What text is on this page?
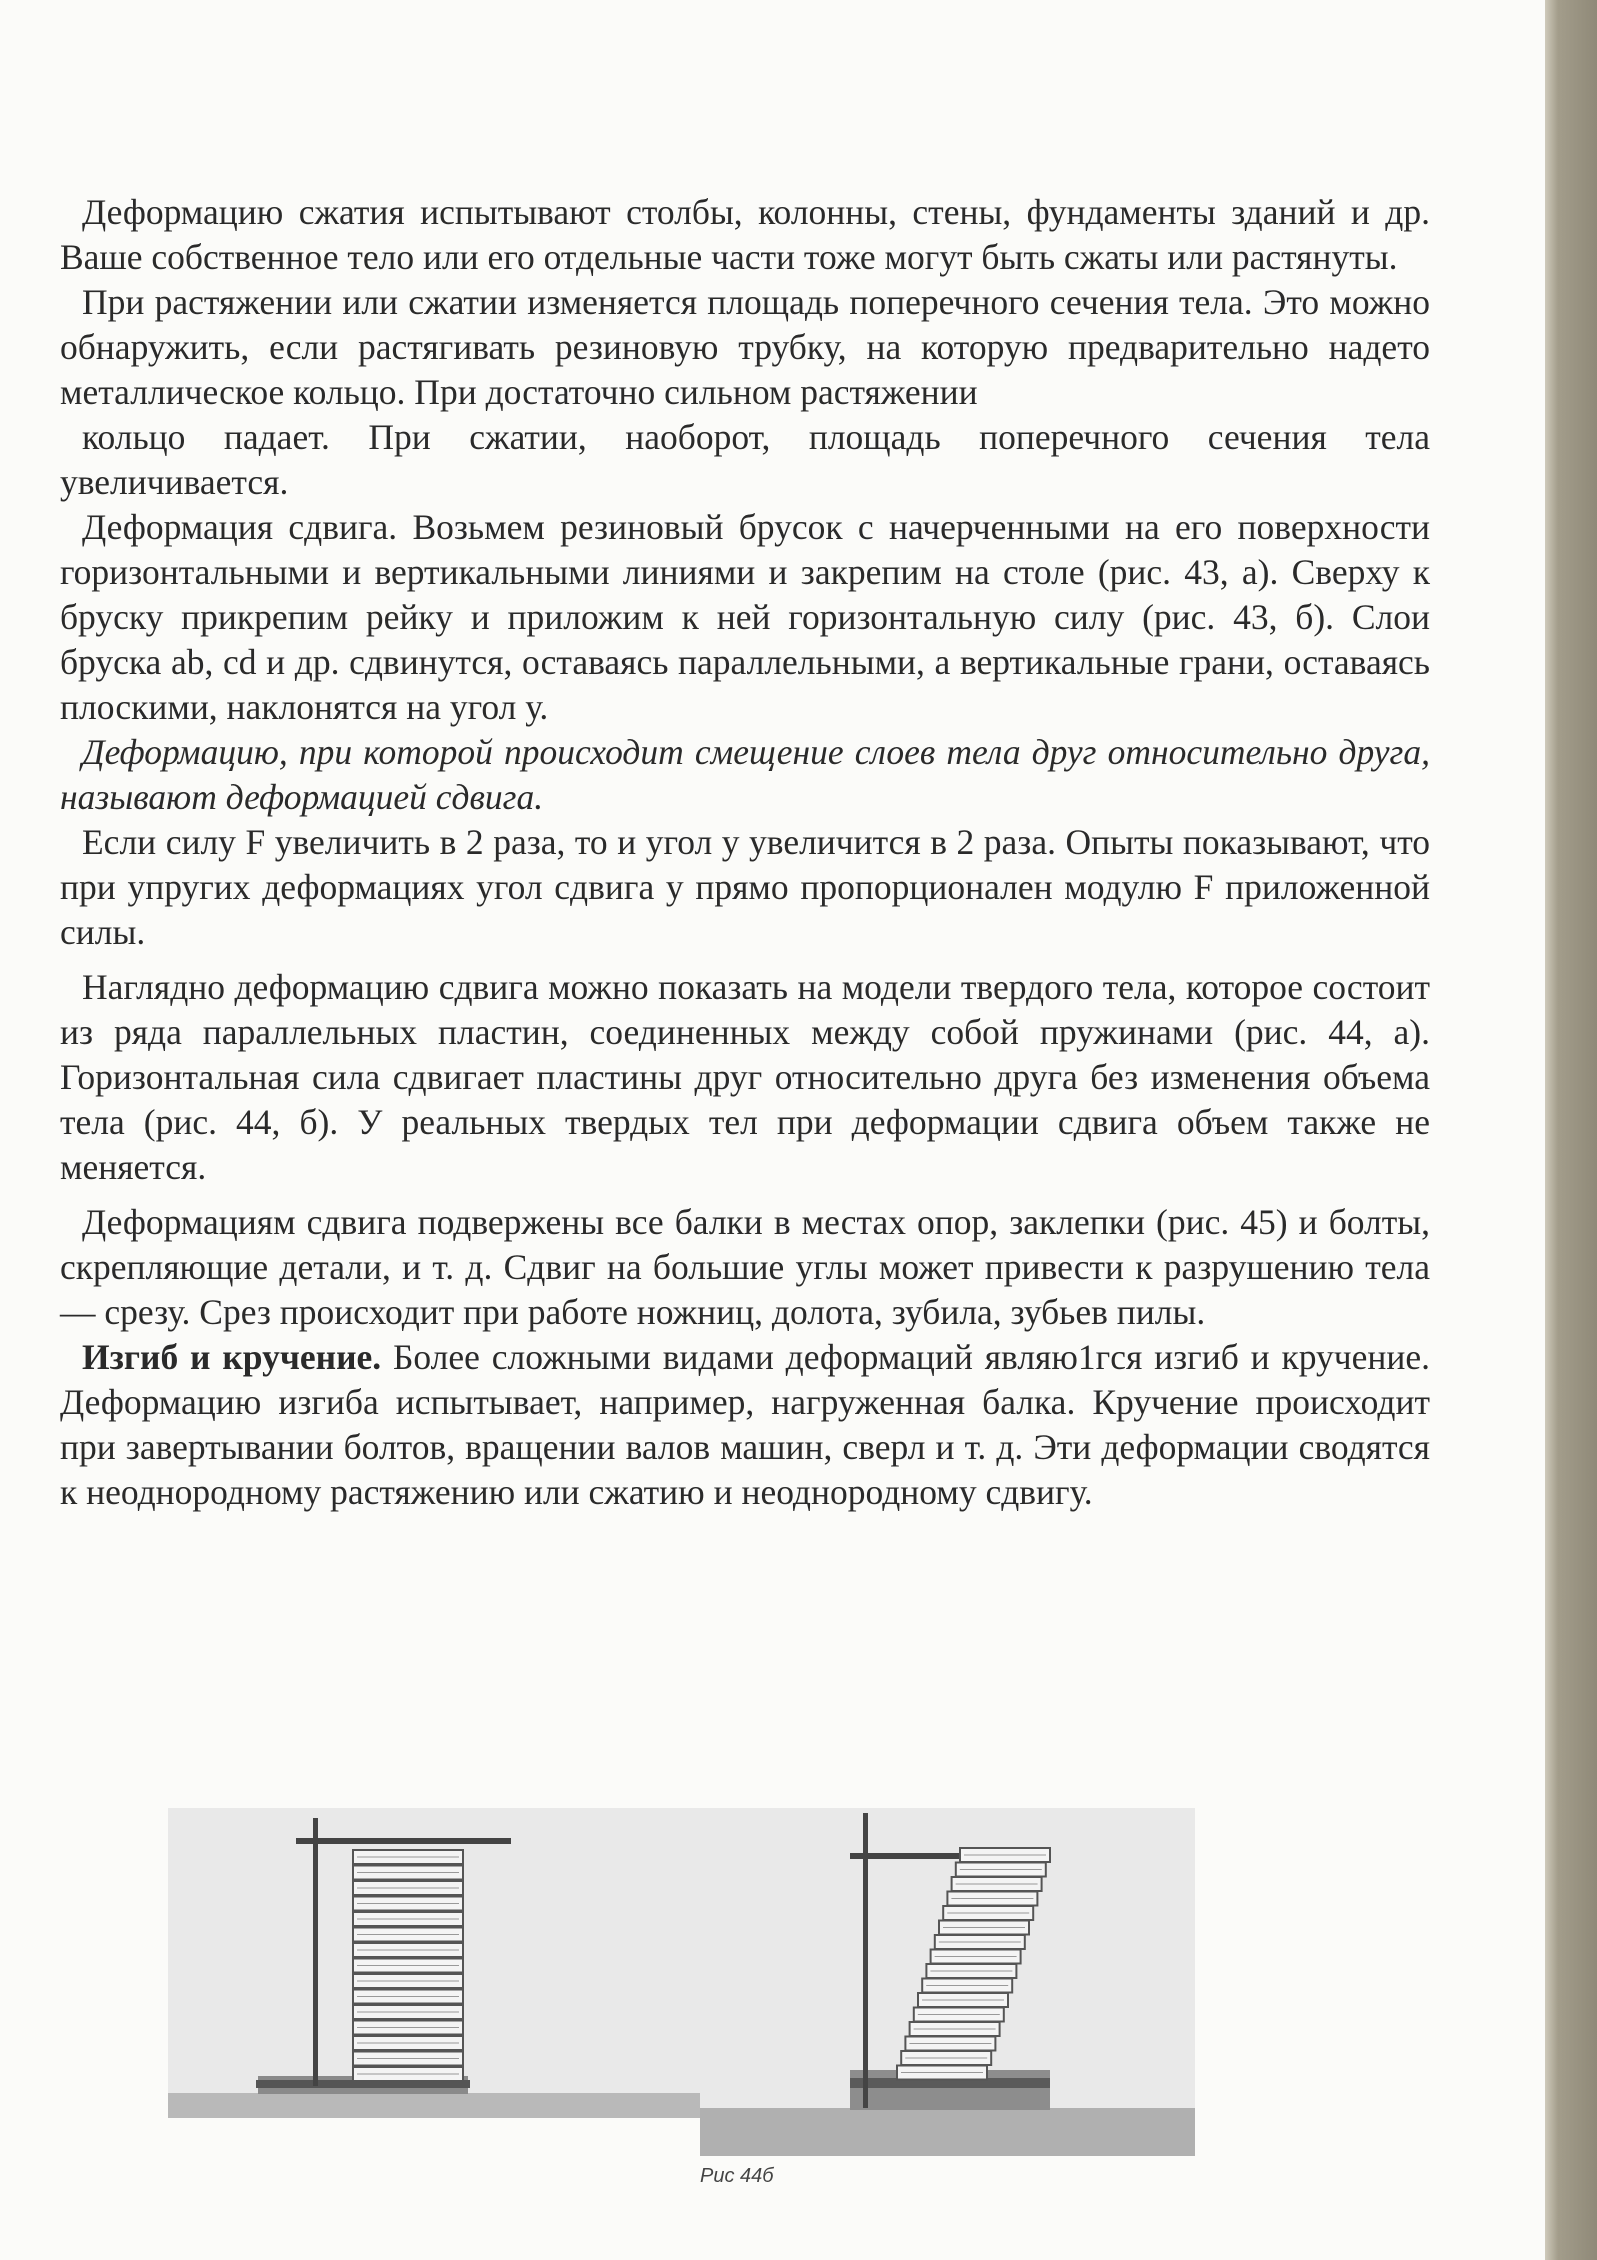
Деформацию сжатия испытывают столбы, колонны, стены, фундаменты зданий и др. Ваше собственное тело или его отдельные части тоже могут быть сжаты или растянуты.

При растяжении или сжатии изменяется площадь поперечного сечения тела. Это можно обнаружить, если растягивать резиновую трубку, на которую предварительно надето металлическое кольцо. При достаточно сильном растяжении

кольцо падает. При сжатии, наоборот, площадь поперечного сечения тела увеличивается.

Деформация сдвига. Возьмем резиновый брусок с начерченными на его поверхности горизонтальными и вертикальными линиями и закрепим на столе (рис. 43, а). Сверху к бруску прикрепим рейку и приложим к ней горизонтальную силу (рис. 43, б). Слои бруска ab, cd и др. сдвинутся, оставаясь параллельными, а вертикальные грани, оставаясь плоскими, наклонятся на угол у.

Деформацию, при которой происходит смещение слоев тела друг относительно друга, называют деформацией сдвига.

Если силу F увеличить в 2 раза, то и угол у увеличится в 2 раза. Опыты показывают, что при упругих деформациях угол сдвига у прямо пропорционален модулю F приложенной силы.

Наглядно деформацию сдвига можно показать на модели твердого тела, которое состоит из ряда параллельных пластин, соединенных между собой пружинами (рис. 44, а). Горизонтальная сила сдвигает пластины друг относительно друга без изменения объема тела (рис. 44, б). У реальных твердых тел при деформации сдвига объем также не меняется.

Деформациям сдвига подвержены все балки в местах опор, заклепки (рис. 45) и болты, скрепляющие детали, и т. д. Сдвиг на большие углы может привести к разрушению тела — срезу. Срез происходит при работе ножниц, долота, зубила, зубьев пилы.

Изгиб и кручение. Более сложными видами деформаций являю1гся изгиб и кручение. Деформацию изгиба испытывает, например, нагруженная балка. Кручение происходит при завертывании болтов, вращении валов машин, сверл и т. д. Эти деформации сводятся к неоднородному растяжению или сжатию и неоднородному сдвигу.

Рис 44б
